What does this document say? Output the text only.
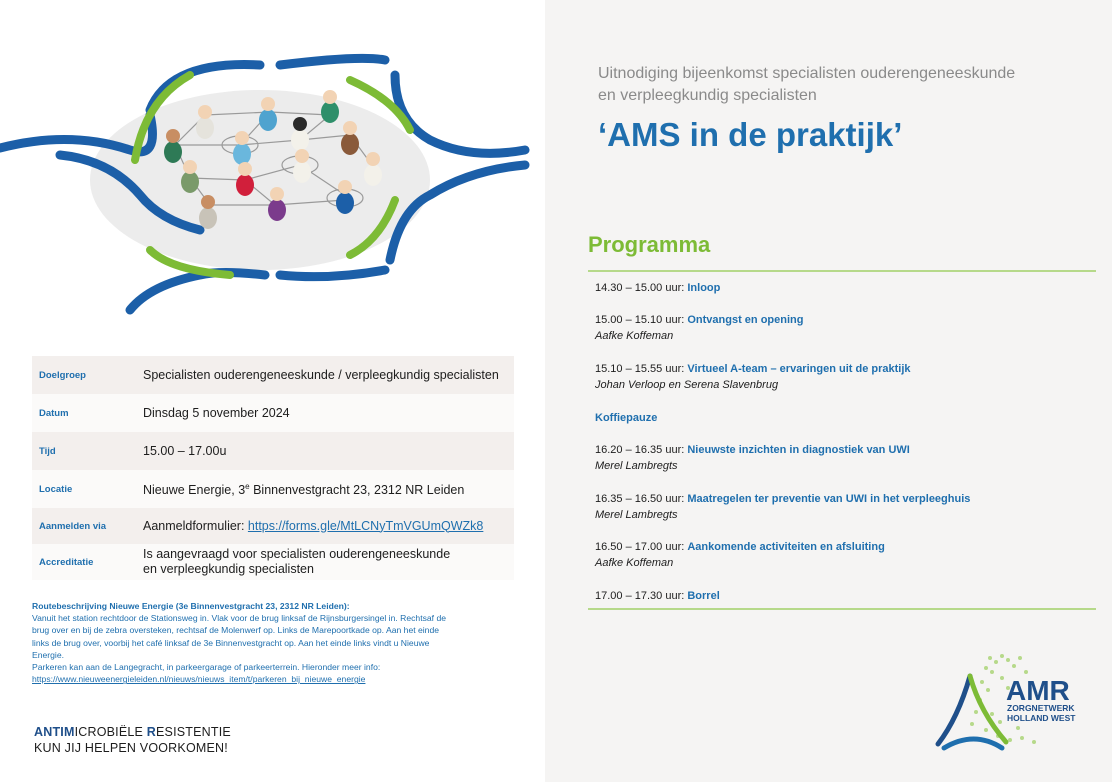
Doelgroep	Specialisten ouderengeneeskunde / verpleegkundig specialisten
Datum	Dinsdag 5 november 2024
Tijd	15.00 – 17.00u
Locatie	Nieuwe Energie, 3e Binnenvestgracht 23, 2312 NR Leiden
Aanmelden via	Aanmeldformulier: https://forms.gle/MtLCNyTmVGUmQWZk8
Accreditatie	Is aangevraagd voor specialisten ouderengeneeskunde
en verpleegkundig specialisten
Routebeschrijving Nieuwe Energie (3e Binnenvestgracht 23, 2312 NR Leiden):
Vanuit het station rechtdoor de Stationsweg in. Vlak voor de brug linksaf de Rijnsburgersingel in. Rechtsaf de
brug over en bij de zebra oversteken, rechtsaf de Molenwerf op. Links de Marepoortkade op. Aan het einde
links de brug over, voorbij het café linksaf de 3e Binnenvestgracht op. Aan het einde links vindt u Nieuwe
Energie.
Parkeren kan aan de Langegracht, in parkeergarage of parkeerterrein. Hieronder meer info:
https://www.nieuweenergieleiden.nl/nieuws/nieuws_item/t/parkeren_bij_nieuwe_energie
ANTIMICROBIËLE RESISTENTIE
KUN JIJ HELPEN VOORKOMEN!
Uitnodiging bijeenkomst specialisten ouderengeneeskunde
en verpleegkundig specialisten
‘AMS in de praktijk’
Programma
14.30 – 15.00 uur: Inloop
15.00 – 15.10 uur: Ontvangst en opening
Aafke Koffeman
15.10 – 15.55 uur: Virtueel A-team – ervaringen uit de praktijk
Johan Verloop en Serena Slavenbrug
Koffiepauze
16.20 – 16.35 uur: Nieuwste inzichten in diagnostiek van UWI
Merel Lambregts
16.35 – 16.50 uur: Maatregelen ter preventie van UWI in het verpleeghuis
Merel Lambregts
16.50 – 17.00 uur: Aankomende activiteiten en afsluiting
Aafke Koffeman
17.00 – 17.30 uur: Borrel
AMR
ZORGNETWERK
HOLLAND WEST
